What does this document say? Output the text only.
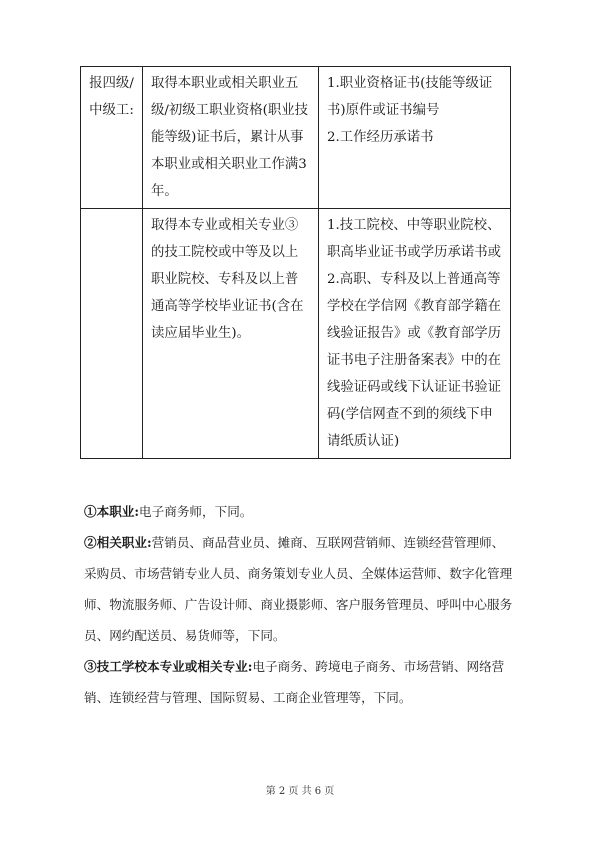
报四级/中级工:	取得本职业或相关职业五级/初级工职业资格(职业技能等级)证书后，累计从事本职业或相关职业工作满3年。	1.职业资格证书(技能等级证书)原件或证书编号
2.工作经历承诺书

	取得本专业或相关专业③的技工院校或中等及以上职业院校、专科及以上普通高等学校毕业证书(含在读应届毕业生)。	1.技工院校、中等职业院校、职高毕业证书或学历承诺书或2.高职、专科及以上普通高等学校在学信网《教育部学籍在线验证报告》或《教育部学历证书电子注册备案表》中的在线验证码或线下认证证书验证码(学信网查不到的须线下申请纸质认证)

①本职业:电子商务师，下同。

②相关职业:营销员、商品营业员、摊商、互联网营销师、连锁经营管理师、采购员、市场营销专业人员、商务策划专业人员、全媒体运营师、数字化管理师、物流服务师、广告设计师、商业摄影师、客户服务管理员、呼叫中心服务员、网约配送员、易货师等，下同。

③技工学校本专业或相关专业:电子商务、跨境电子商务、市场营销、网络营销、连锁经营与管理、国际贸易、工商企业管理等，下同。

第 2 页 共 6 页
